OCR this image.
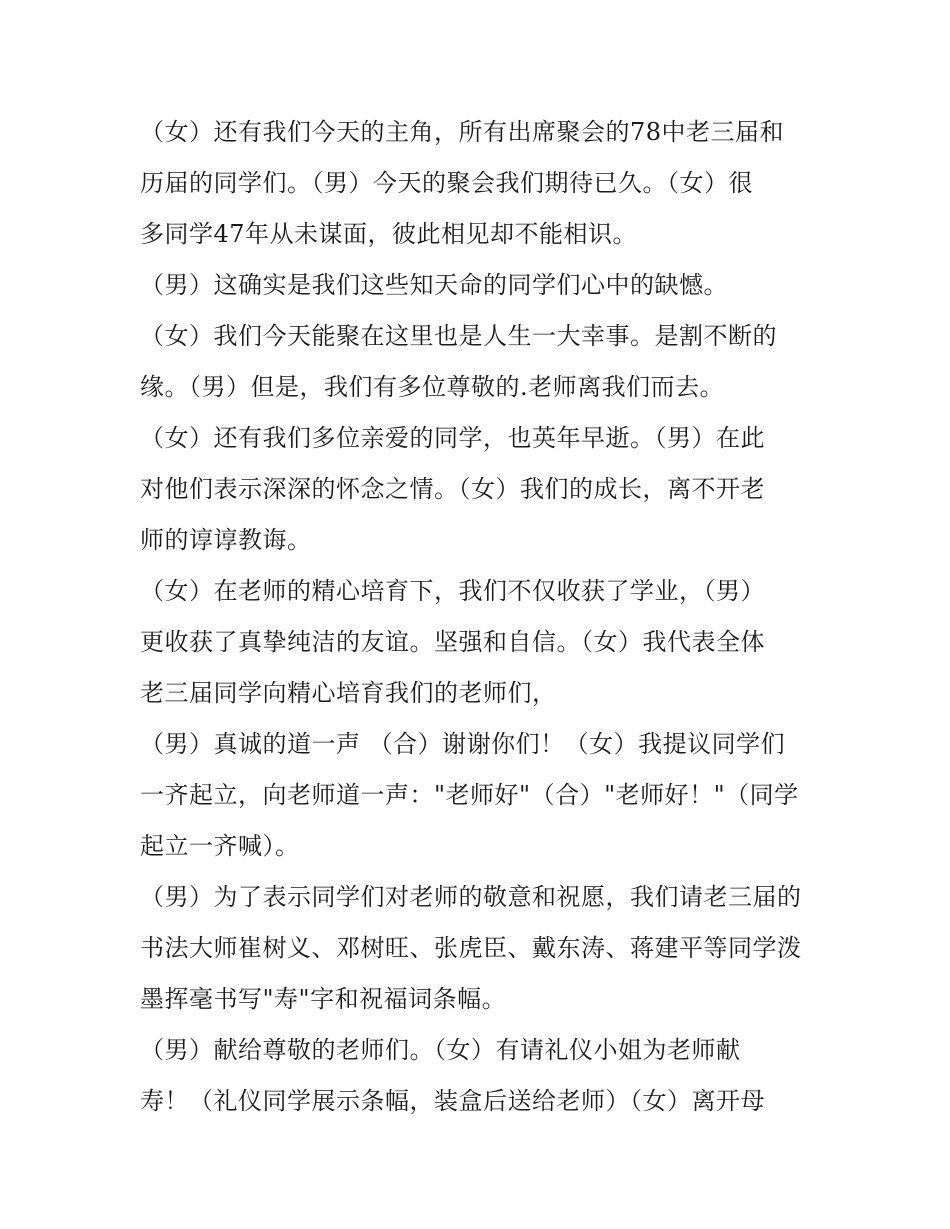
（女）还有我们今天的主角，所有出席聚会的78中老三届和
历届的同学们。（男）今天的聚会我们期待已久。（女）很
多同学47年从未谋面，彼此相见却不能相识。
（男）这确实是我们这些知天命的同学们心中的缺憾。
（女）我们今天能聚在这里也是人生一大幸事。是割不断的
缘。（男）但是，我们有多位尊敬的.老师离我们而去。
（女）还有我们多位亲爱的同学，也英年早逝。（男）在此
对他们表示深深的怀念之情。（女）我们的成长，离不开老
师的谆谆教诲。
（女）在老师的精心培育下，我们不仅收获了学业，（男）
更收获了真挚纯洁的友谊。坚强和自信。（女）我代表全体
老三届同学向精心培育我们的老师们，
（男）真诚的道一声 （合）谢谢你们！（女）我提议同学们
一齐起立，向老师道一声："老师好"（合）"老师好！"（同学
起立一齐喊）。
（男）为了表示同学们对老师的敬意和祝愿，我们请老三届的
书法大师崔树义、邓树旺、张虎臣、戴东涛、蒋建平等同学泼
墨挥毫书写"寿"字和祝福词条幅。
（男）献给尊敬的老师们。（女）有请礼仪小姐为老师献
寿！（礼仪同学展示条幅，装盒后送给老师）（女）离开母
